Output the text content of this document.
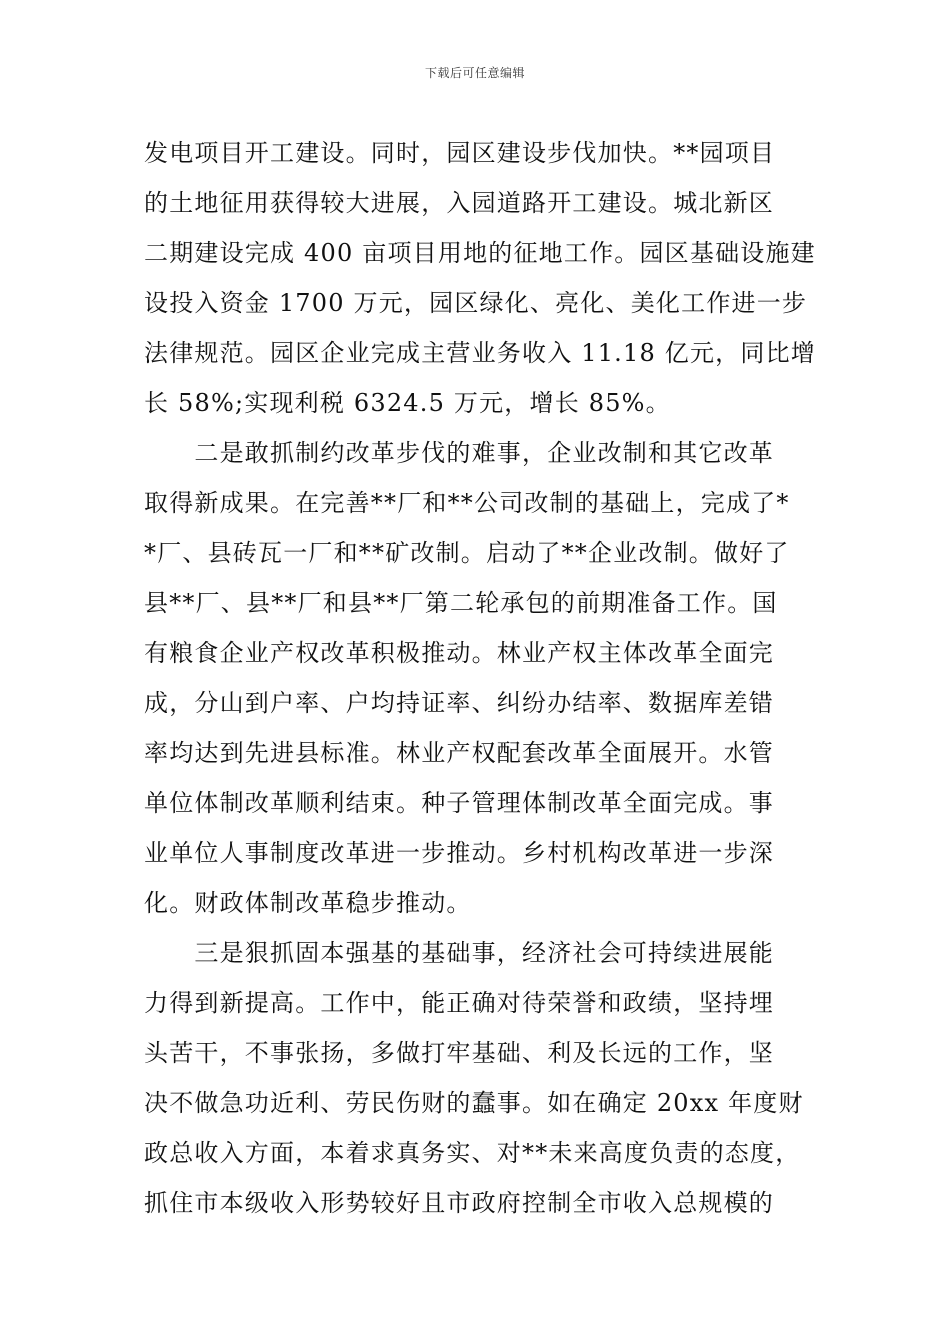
下载后可任意编辑
发电项目开工建设。同时，园区建设步伐加快。**园项目
的土地征用获得较大进展，入园道路开工建设。城北新区
二期建设完成 400 亩项目用地的征地工作。园区基础设施建
设投入资金 1700 万元，园区绿化、亮化、美化工作进一步
法律规范。园区企业完成主营业务收入 11.18 亿元，同比增
长 58%;实现利税 6324.5 万元，增长 85%。
　　二是敢抓制约改革步伐的难事，企业改制和其它改革
取得新成果。在完善**厂和**公司改制的基础上，完成了*
*厂、县砖瓦一厂和**矿改制。启动了**企业改制。做好了
县**厂、县**厂和县**厂第二轮承包的前期准备工作。国
有粮食企业产权改革积极推动。林业产权主体改革全面完
成，分山到户率、户均持证率、纠纷办结率、数据库差错
率均达到先进县标准。林业产权配套改革全面展开。水管
单位体制改革顺利结束。种子管理体制改革全面完成。事
业单位人事制度改革进一步推动。乡村机构改革进一步深
化。财政体制改革稳步推动。
　　三是狠抓固本强基的基础事，经济社会可持续进展能
力得到新提高。工作中，能正确对待荣誉和政绩，坚持埋
头苦干，不事张扬，多做打牢基础、利及长远的工作，坚
决不做急功近利、劳民伤财的蠢事。如在确定 20xx 年度财
政总收入方面，本着求真务实、对**未来高度负责的态度，
抓住市本级收入形势较好且市政府控制全市收入总规模的
